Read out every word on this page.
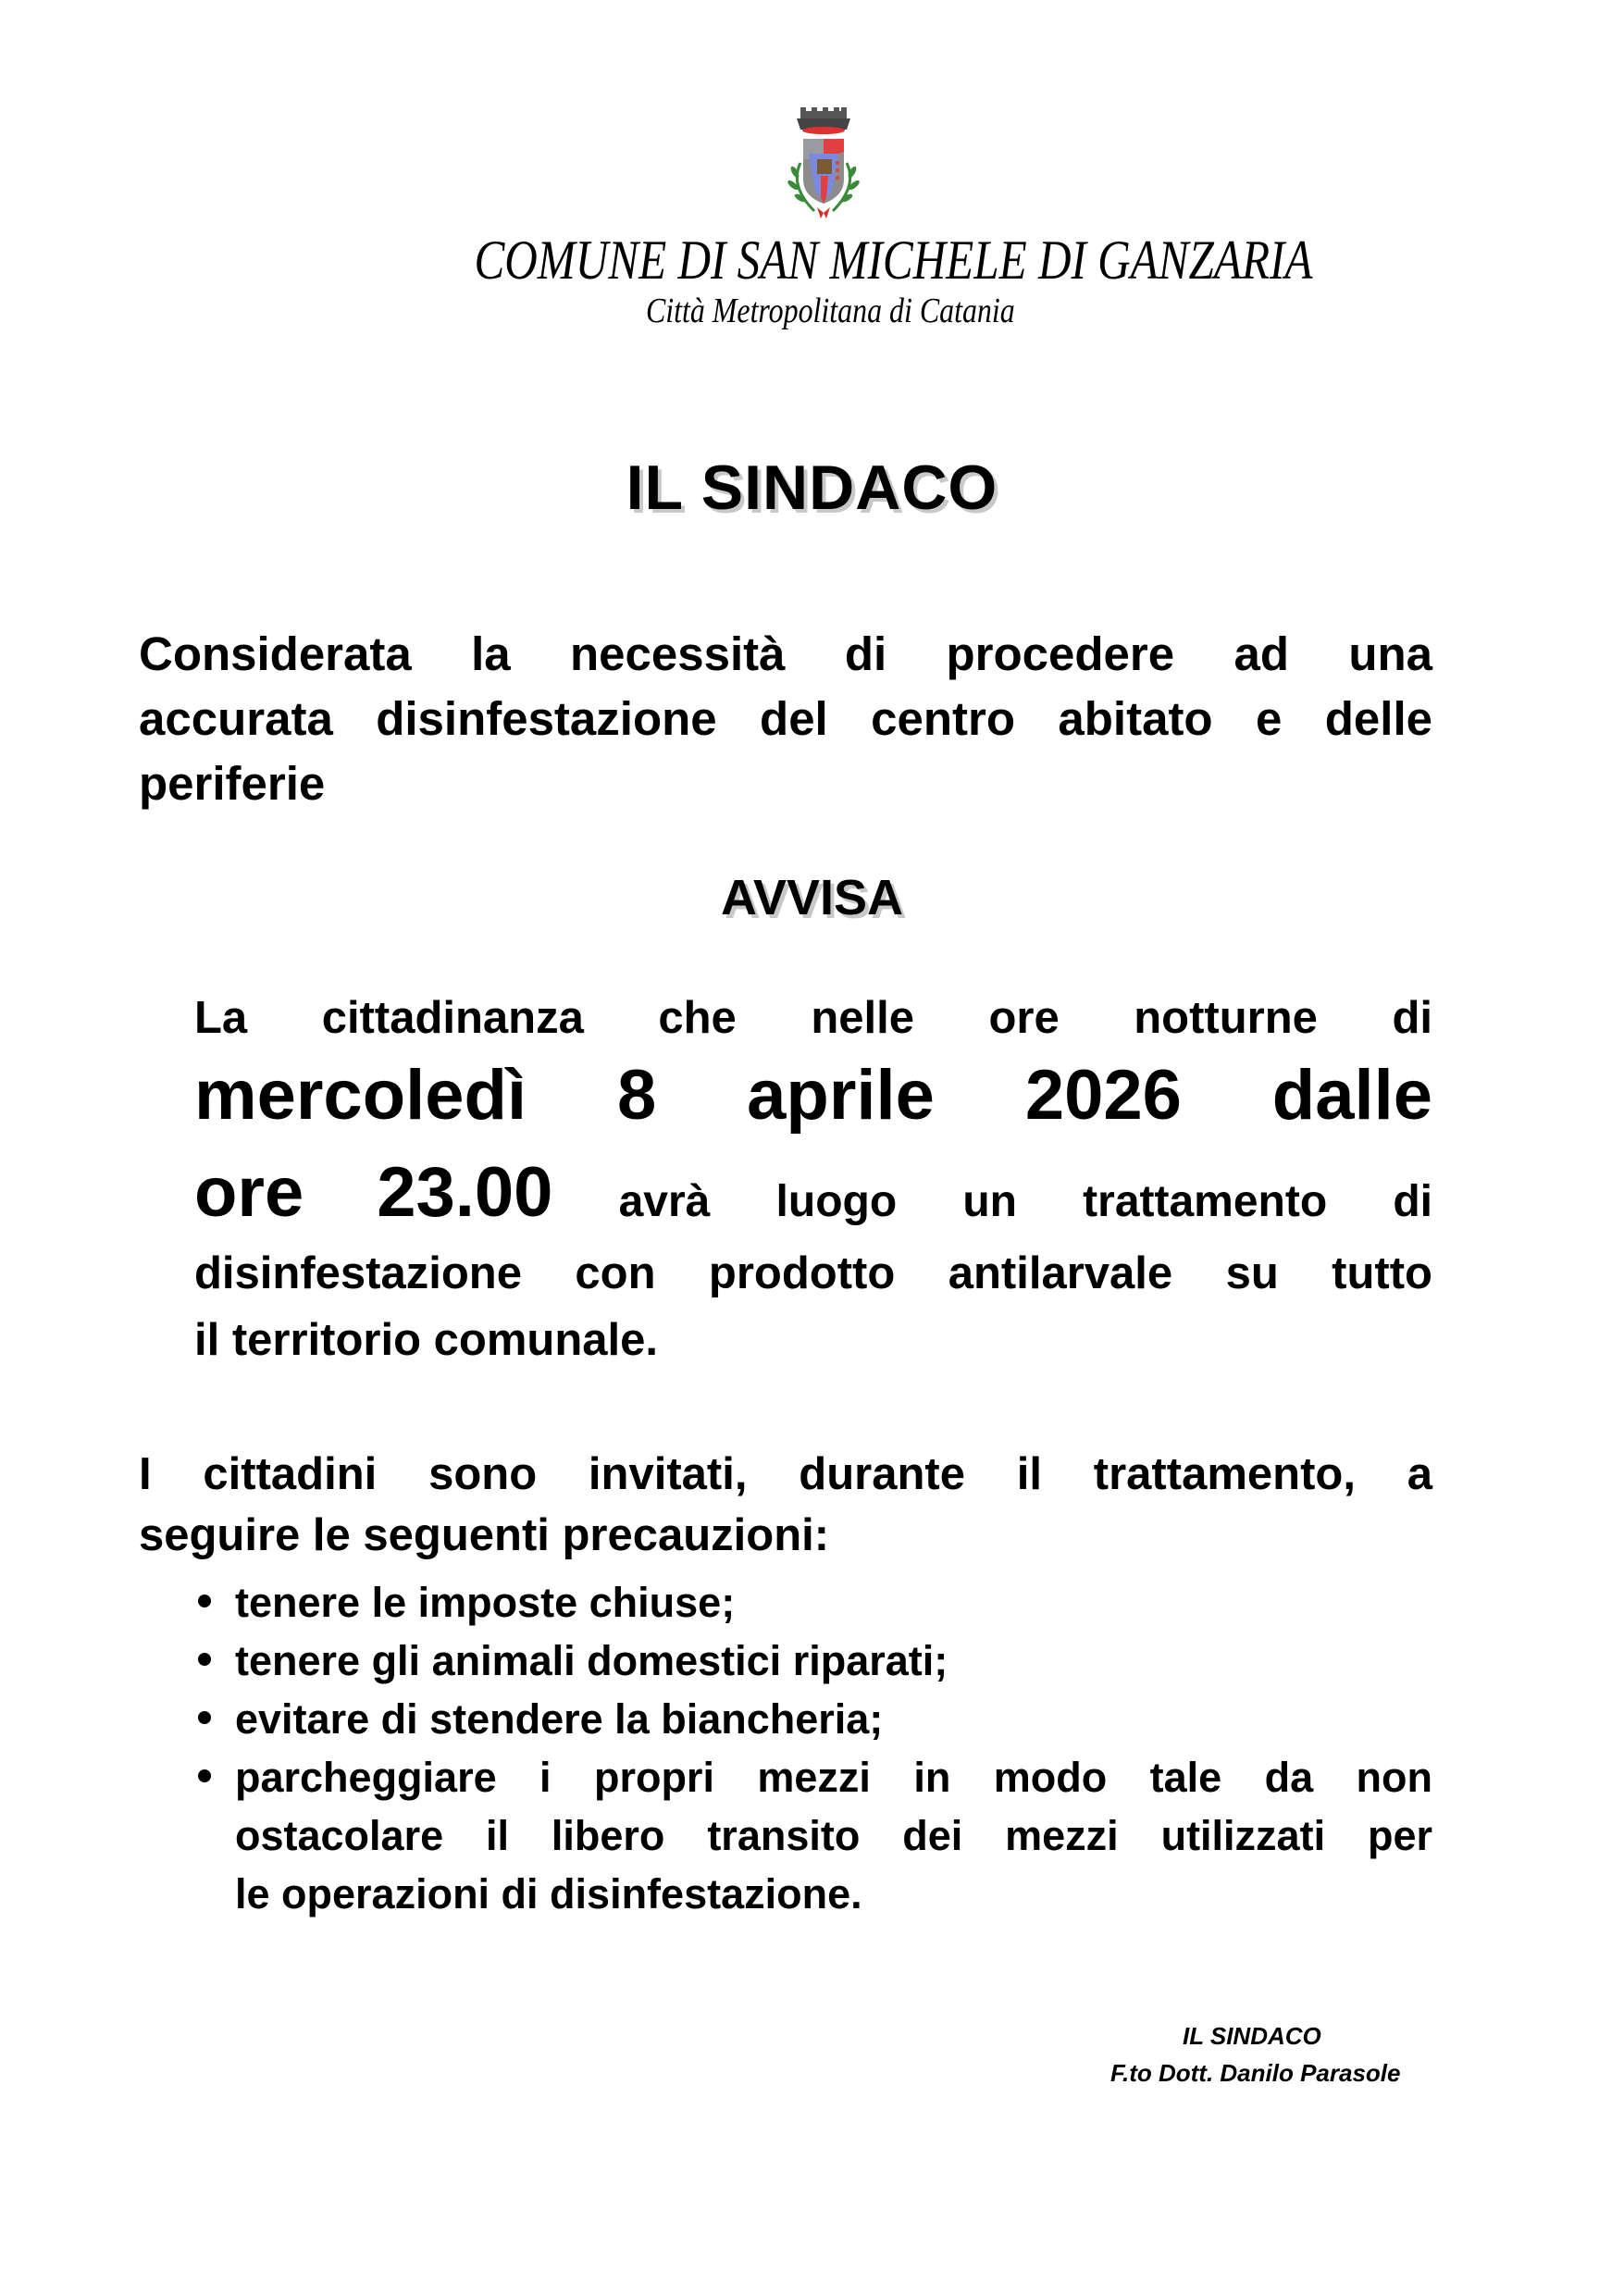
COMUNE DI SAN MICHELE DI GANZARIA
Città Metropolitana di Catania
IL SINDACO
Considerata la necessità di procedere ad una
accurata disinfestazione del centro abitato e delle
periferie
AVVISA
La cittadinanza che nelle ore notturne di
mercoledì 8 aprile 2026 dalle
ore 23.00 avrà luogo un trattamento di
disinfestazione con prodotto antilarvale su tutto
il territorio comunale.
I cittadini sono invitati, durante il trattamento, a
seguire le seguenti precauzioni:
tenere le imposte chiuse;
tenere gli animali domestici riparati;
evitare di stendere la biancheria;
parcheggiare i propri mezzi in modo tale da non
ostacolare il libero transito dei mezzi utilizzati per
le operazioni di disinfestazione.
IL SINDACO
F.to Dott. Danilo Parasole
